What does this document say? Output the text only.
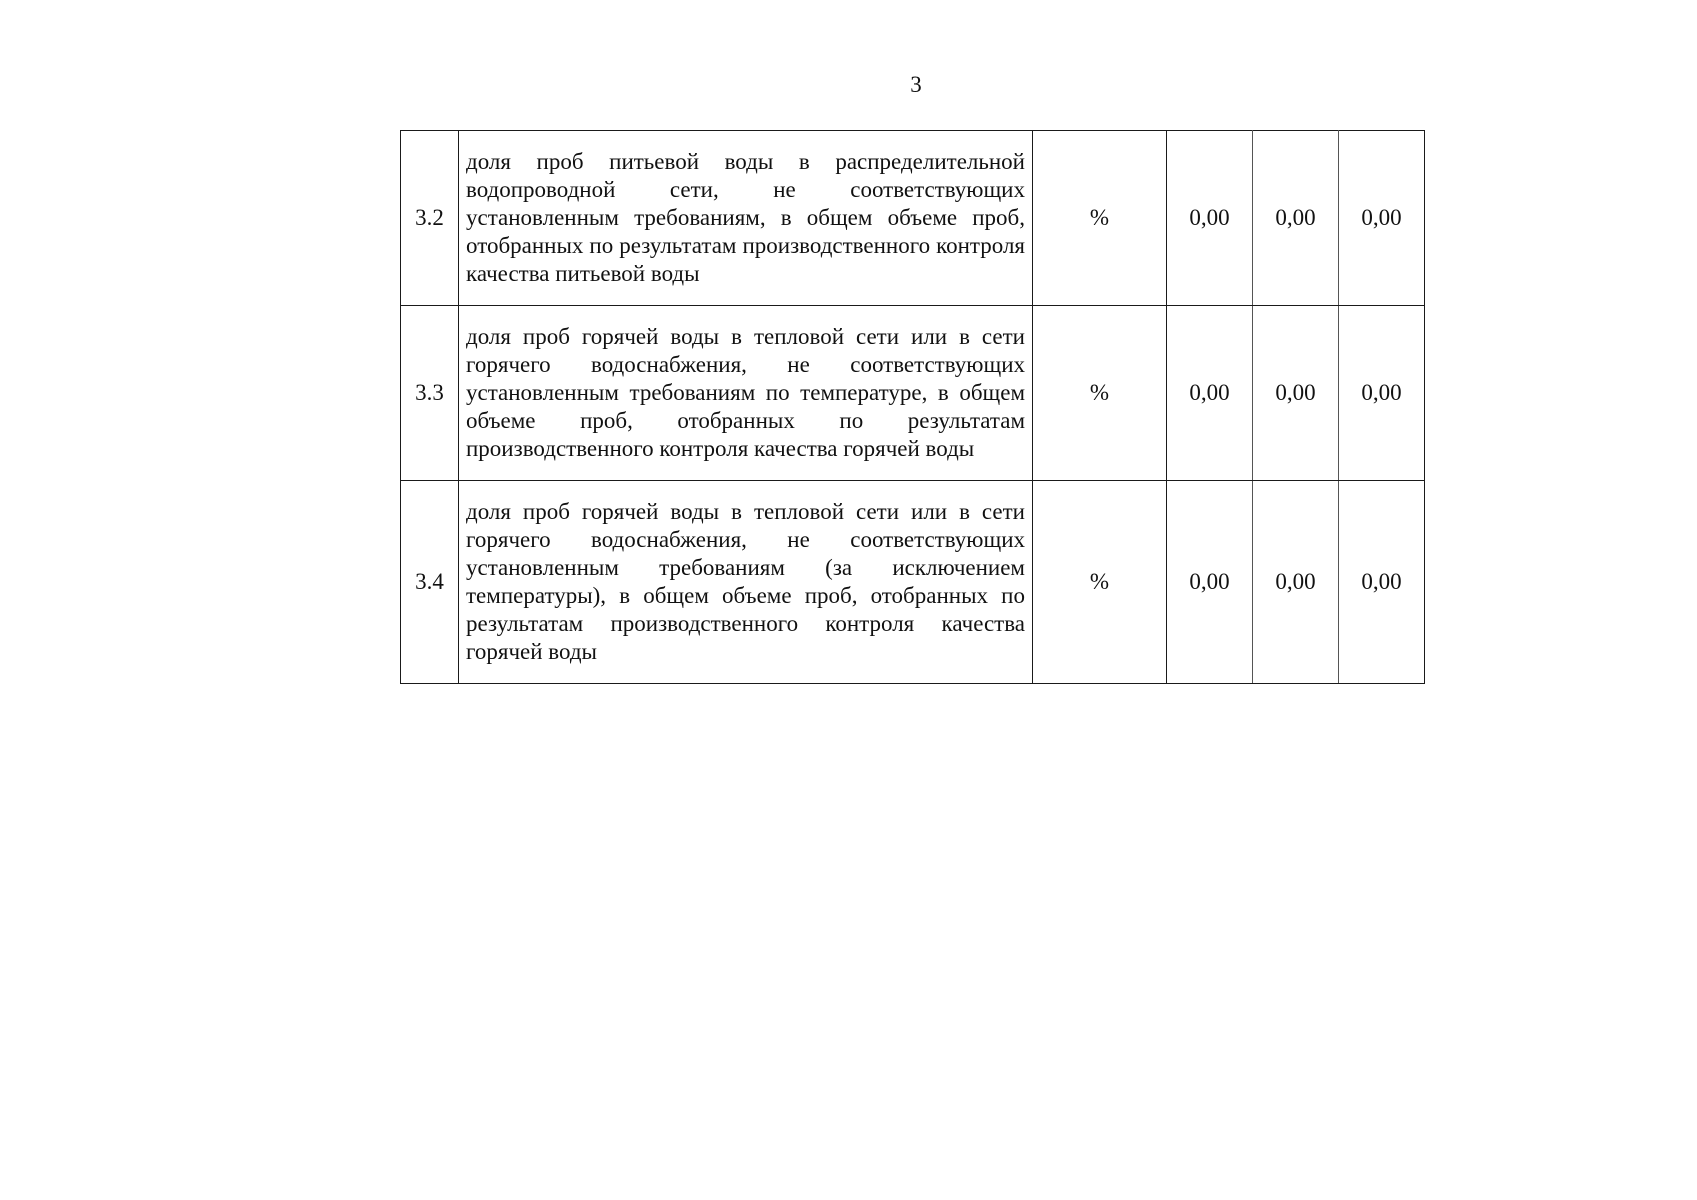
3
3.2	доля проб питьевой воды в распределительной водопроводной сети, не соответствующих установленным требованиям, в общем объеме проб, отобранных по результатам производственного контроля качества питьевой воды	%	0,00	0,00	0,00
3.3	доля проб горячей воды в тепловой сети или в сети горячего водоснабжения, не соответствующих установленным требованиям по температуре, в общем объеме проб, отобранных по результатам производственного контроля качества горячей воды	%	0,00	0,00	0,00
3.4	доля проб горячей воды в тепловой сети или в сети горячего водоснабжения, не соответствующих установленным требованиям (за исключением температуры), в общем объеме проб, отобранных по результатам производственного контроля качества горячей воды	%	0,00	0,00	0,00
